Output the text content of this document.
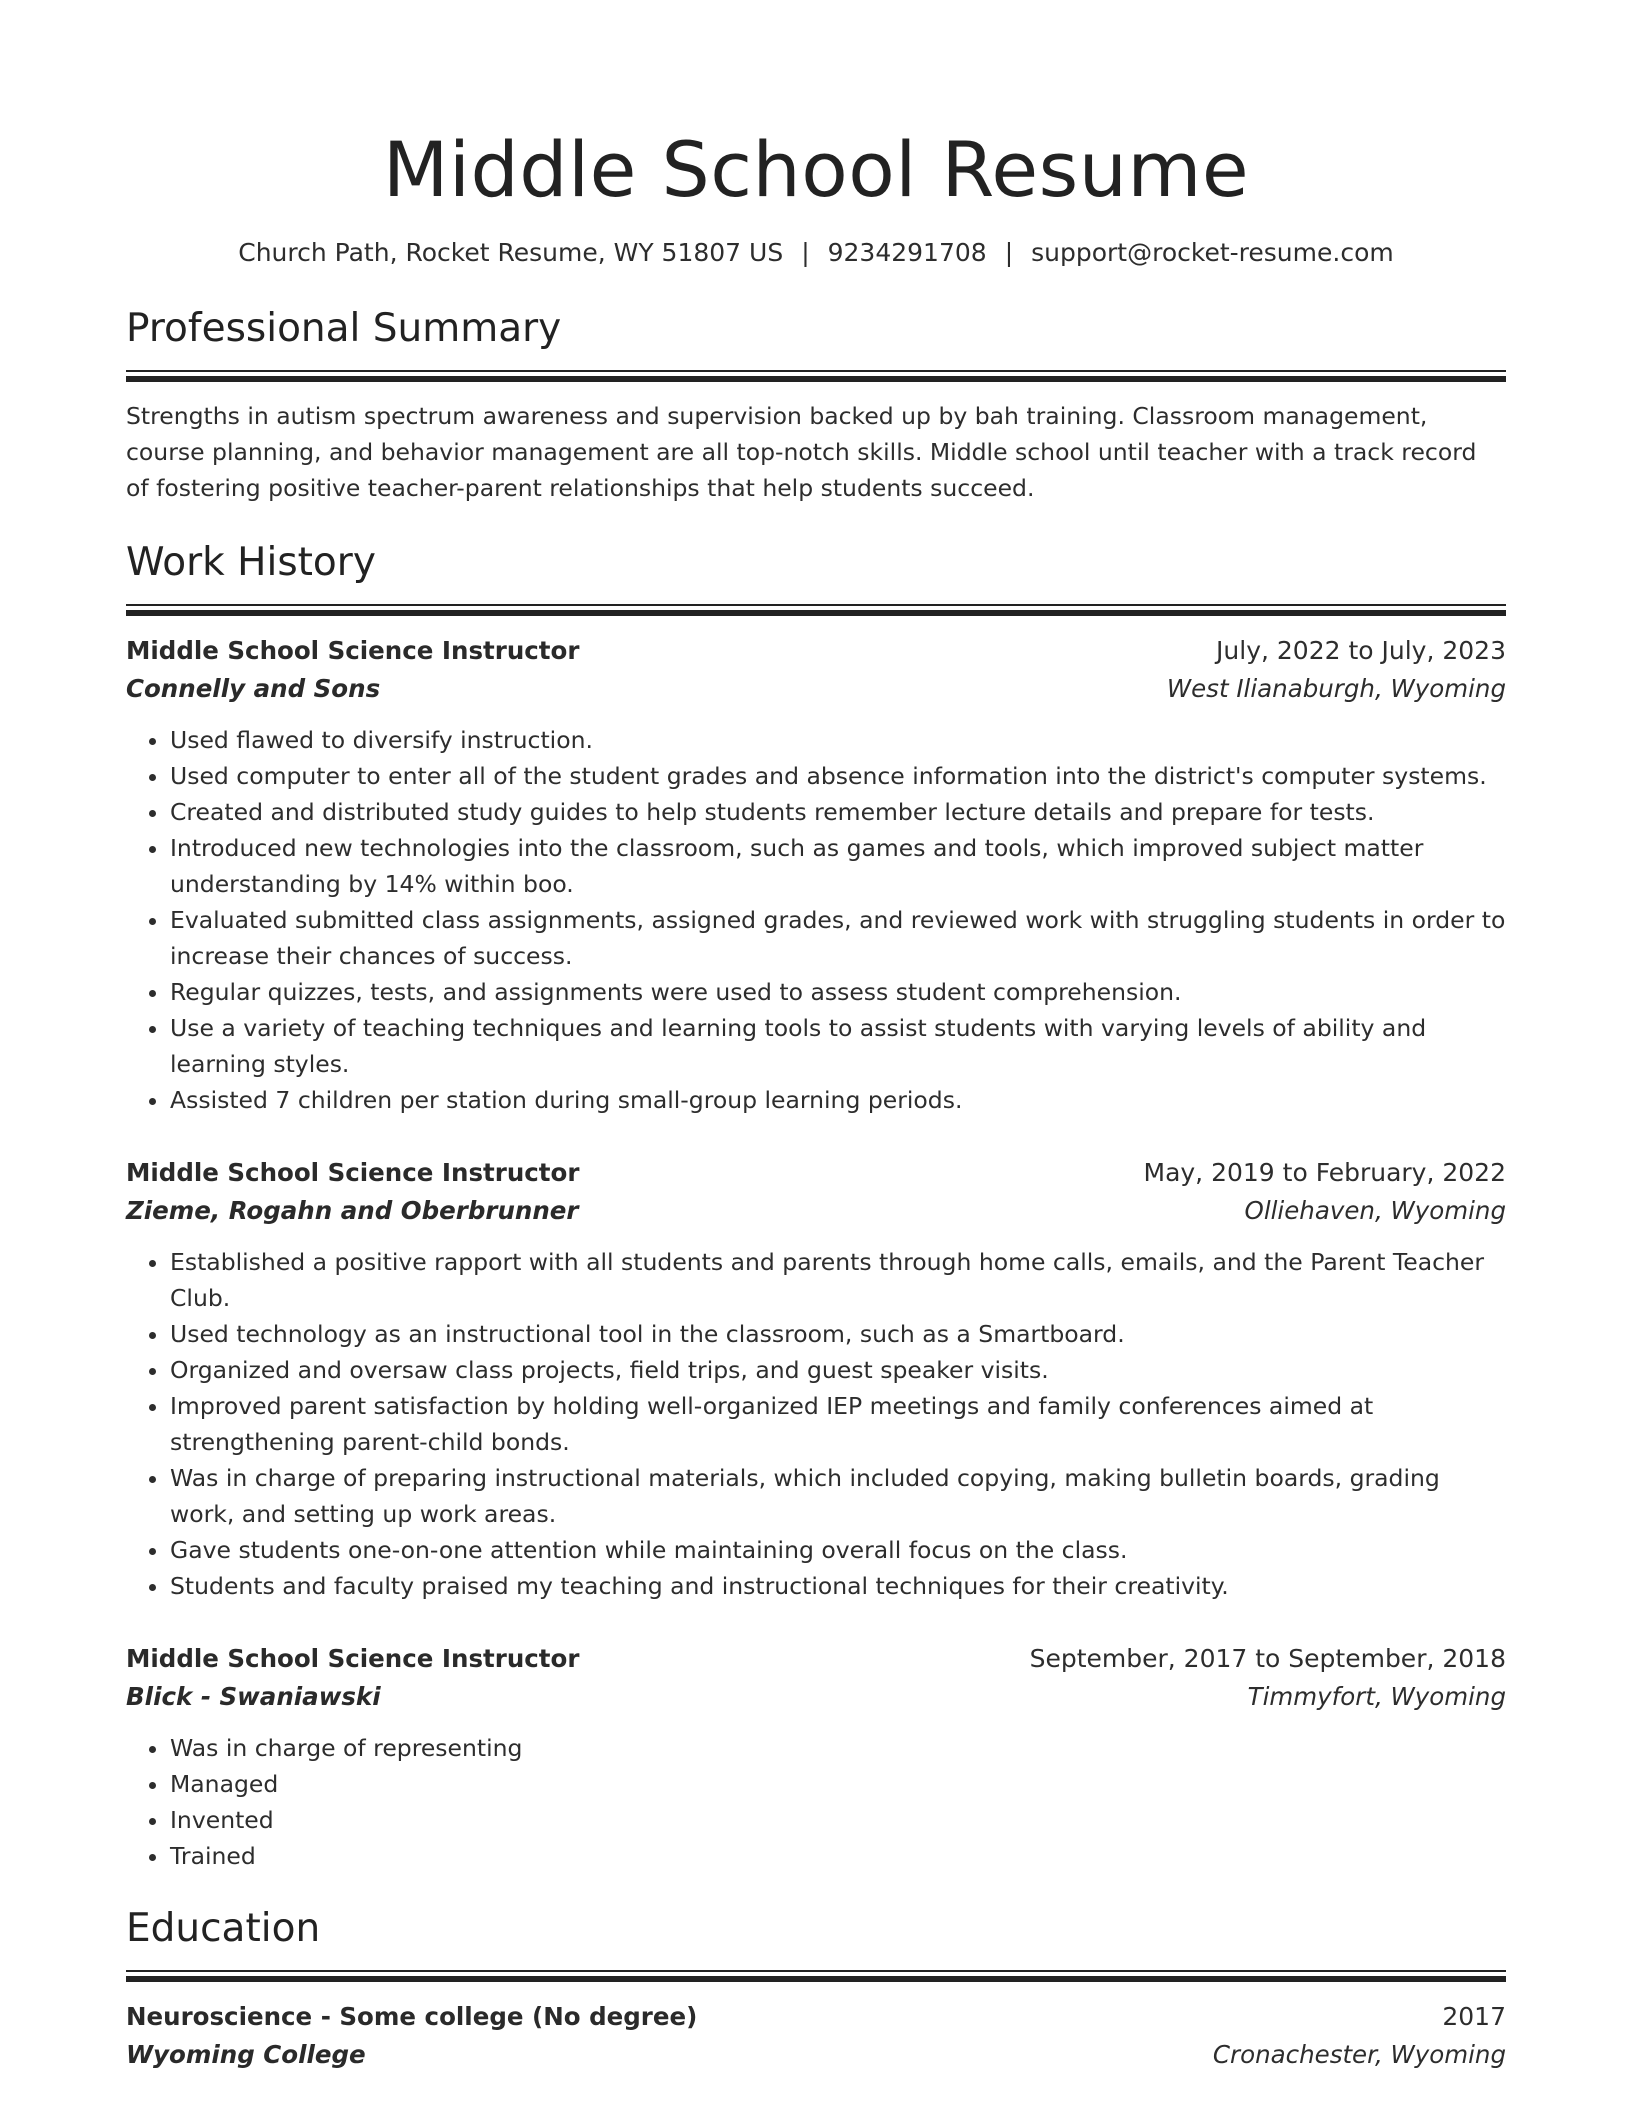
Middle School Resume
Church Path, Rocket Resume, WY 51807 US | 9234291708 | support@rocket-resume.com
Professional Summary
Strengths in autism spectrum awareness and supervision backed up by bah training. Classroom management, course planning, and behavior management are all top-notch skills. Middle school until teacher with a track record of fostering positive teacher-parent relationships that help students succeed.
Work History
Middle School Science Instructor	July, 2022 to July, 2023
Connelly and Sons	West Ilianaburgh, Wyoming
• Used flawed to diversify instruction.
• Used computer to enter all of the student grades and absence information into the district's computer systems.
• Created and distributed study guides to help students remember lecture details and prepare for tests.
• Introduced new technologies into the classroom, such as games and tools, which improved subject matter understanding by 14% within boo.
• Evaluated submitted class assignments, assigned grades, and reviewed work with struggling students in order to increase their chances of success.
• Regular quizzes, tests, and assignments were used to assess student comprehension.
• Use a variety of teaching techniques and learning tools to assist students with varying levels of ability and learning styles.
• Assisted 7 children per station during small-group learning periods.
Middle School Science Instructor	May, 2019 to February, 2022
Zieme, Rogahn and Oberbrunner	Olliehaven, Wyoming
• Established a positive rapport with all students and parents through home calls, emails, and the Parent Teacher Club.
• Used technology as an instructional tool in the classroom, such as a Smartboard.
• Organized and oversaw class projects, field trips, and guest speaker visits.
• Improved parent satisfaction by holding well-organized IEP meetings and family conferences aimed at strengthening parent-child bonds.
• Was in charge of preparing instructional materials, which included copying, making bulletin boards, grading work, and setting up work areas.
• Gave students one-on-one attention while maintaining overall focus on the class.
• Students and faculty praised my teaching and instructional techniques for their creativity.
Middle School Science Instructor	September, 2017 to September, 2018
Blick - Swaniawski	Timmyfort, Wyoming
• Was in charge of representing
• Managed
• Invented
• Trained
Education
Neuroscience - Some college (No degree)	2017
Wyoming College	Cronachester, Wyoming
